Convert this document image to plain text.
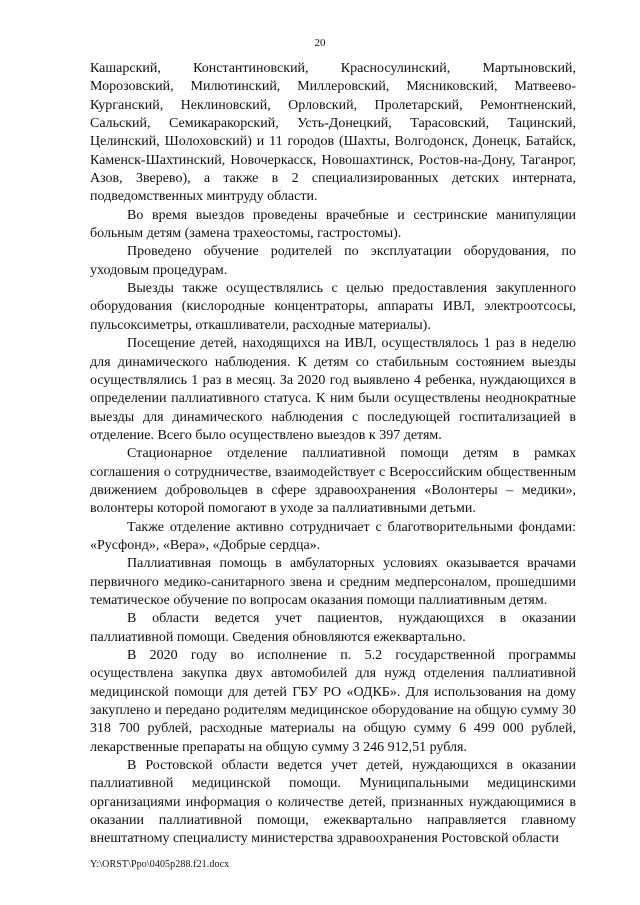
20

Кашарский, Константиновский, Красносулинский, Мартыновский, Морозовский, Милютинский, Миллеровский, Мясниковский, Матвеево-Курганский, Неклиновский, Орловский, Пролетарский, Ремонтненский, Сальский, Семикаракорский, Усть-Донецкий, Тарасовский, Тацинский, Целинский, Шолоховский) и 11 городов (Шахты, Волгодонск, Донецк, Батайск, Каменск-Шахтинский, Новочеркасск, Новошахтинск, Ростов-на-Дону, Таганрог, Азов, Зверево), а также в 2 специализированных детских интерната, подведомственных минтруду области.

Во время выездов проведены врачебные и сестринские манипуляции больным детям (замена трахеостомы, гастростомы).

Проведено обучение родителей по эксплуатации оборудования, по уходовым процедурам.

Выезды также осуществлялись с целью предоставления закупленного оборудования (кислородные концентраторы, аппараты ИВЛ, электроотсосы, пульсоксиметры, откашливатели, расходные материалы).

Посещение детей, находящихся на ИВЛ, осуществлялось 1 раз в неделю для динамического наблюдения. К детям со стабильным состоянием выезды осуществлялись 1 раз в месяц. За 2020 год выявлено 4 ребенка, нуждающихся в определении паллиативного статуса. К ним были осуществлены неоднократные выезды для динамического наблюдения с последующей госпитализацией в отделение. Всего было осуществлено выездов к 397 детям.

Стационарное отделение паллиативной помощи детям в рамках соглашения о сотрудничестве, взаимодействует с Всероссийским общественным движением добровольцев в сфере здравоохранения «Волонтеры – медики», волонтеры которой помогают в уходе за паллиативными детьми.

Также отделение активно сотрудничает с благотворительными фондами: «Русфонд», «Вера», «Добрые сердца».

Паллиативная помощь в амбулаторных условиях оказывается врачами первичного медико-санитарного звена и средним медперсоналом, прошедшими тематическое обучение по вопросам оказания помощи паллиативным детям.

В области ведется учет пациентов, нуждающихся в оказании паллиативной помощи. Сведения обновляются ежеквартально.

В 2020 году во исполнение п. 5.2 государственной программы осуществлена закупка двух автомобилей для нужд отделения паллиативной медицинской помощи для детей ГБУ РО «ОДКБ». Для использования на дому закуплено и передано родителям медицинское оборудование на общую сумму 30 318 700 рублей, расходные материалы на общую сумму 6 499 000 рублей, лекарственные препараты на общую сумму 3 246 912,51 рубля.

В Ростовской области ведется учет детей, нуждающихся в оказании паллиативной медицинской помощи. Муниципальными медицинскими организациями информация о количестве детей, признанных нуждающимися в оказании паллиативной помощи, ежеквартально направляется главному внештатному специалисту министерства здравоохранения Ростовской области

Y:\ORST\Ppo\0405p288.f21.docx
